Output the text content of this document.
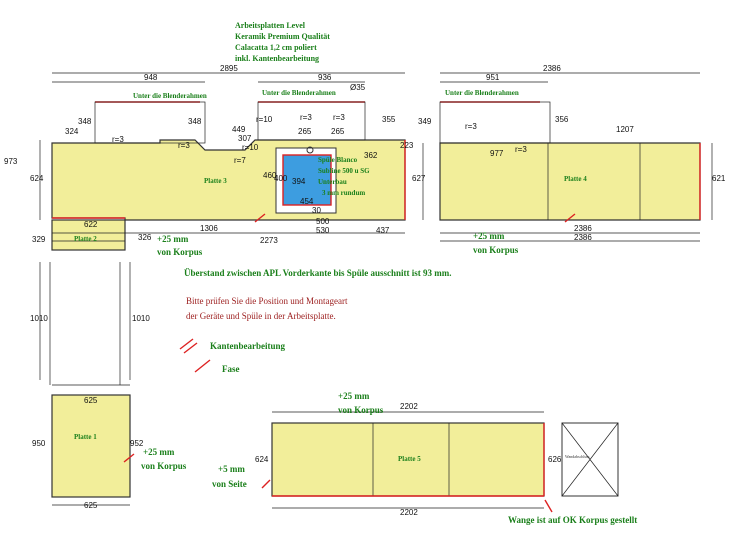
Arbeitsplatten Level
Keramik Premium Qualität
Calacatta 1,2 cm poliert
inkl. Kantenbearbeitung
Unter die Blenderahmen	Unter die Blenderahmen	Unter die Blenderahmen
Platte 3
Platte 2
Platte 4
Platte 1
Platte 5
Spüle Blanco
Subline 500 u SG
Unterbau
3 mm rundum
+25 mm
von Korpus
+25 mm
von Korpus
+25 mm
von Korpus
+25 mm
von Korpus
+5 mm
von Seite
Wange ist auf OK Korpus gestellt
Überstand zwischen APL Vorderkante bis Spüle ausschnitt ist 93 mm.
Bitte prüfen Sie die Position und Montageart
der Geräte und Spüle in der Arbeitsplatte.
Kantenbearbeitung
Fase
Wandabschluss
2895
948	936
2386
951
Ø35
348	348
324	449
307
355	349	356
1207
r=3
r=3
r=3	r=3
r=3
r=3
r=10
r=10
r=7
265 265
460
400 394
454
30
500
362
223
973
624	627
977
621
622	1306
2273
530	437	2386
2386
329	326
1010	1010
625
625
950	952
2202
2202
624	626
